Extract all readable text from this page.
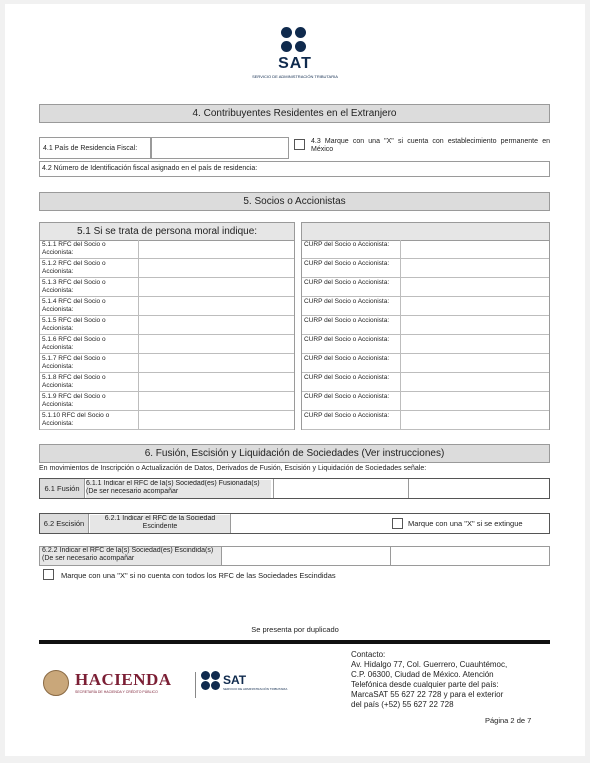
SAT
SERVICIO DE ADMINISTRACIÓN TRIBUTARIA
4. Contribuyentes Residentes en el Extranjero
4.1 País de Residencia Fiscal:
4.3 Marque con una "X" si cuenta con establecimiento permanente en México
4.2 Número de Identificación fiscal asignado en el país de residencia:
5. Socios o Accionistas
5.1 Si se trata de persona moral indique:
5.1.1 RFC del Socio o Accionista:
5.1.2 RFC del Socio o Accionista:
5.1.3 RFC del Socio o Accionista:
5.1.4 RFC del Socio o Accionista:
5.1.5 RFC del Socio o Accionista:
5.1.6 RFC del Socio o Accionista:
5.1.7 RFC del Socio o Accionista:
5.1.8 RFC del Socio o Accionista:
5.1.9 RFC del Socio o Accionista:
5.1.10 RFC del Socio o Accionista:
CURP del Socio o Accionista:
CURP del Socio o Accionista:
CURP del Socio o Accionista:
CURP del Socio o Accionista:
CURP del Socio o Accionista:
CURP del Socio o Accionista:
CURP del Socio o Accionista:
CURP del Socio o Accionista:
CURP del Socio o Accionista:
CURP del Socio o Accionista:
6. Fusión, Escisión y Liquidación de Sociedades (Ver instrucciones)
En movimientos de Inscripción o Actualización de Datos, Derivados de Fusión, Escisión y Liquidación de Sociedades señale:
6.1 Fusión
6.1.1 Indicar el RFC de la(s) Sociedad(es) Fusionada(s) (De ser necesario acompañar
6.2 Escisión
6.2.1 Indicar el RFC de la Sociedad Escindente	Marque con una "X" si se extingue
6.2.2 Indicar el RFC de la(s) Sociedad(es) Escindida(s) (De ser necesario acompañar
Marque con una "X" si no cuenta con todos los RFC de las Sociedades Escindidas
Se presenta por duplicado
HACIENDA
SECRETARÍA DE HACIENDA Y CRÉDITO PÚBLICO
SAT
SERVICIO DE ADMINISTRACIÓN TRIBUTARIA
Contacto:
Av. Hidalgo 77, Col. Guerrero, Cuauhtémoc,
C.P. 06300, Ciudad de México. Atención
Telefónica desde cualquier parte del país:
MarcaSAT 55 627 22 728 y para el exterior
del país (+52) 55 627 22 728
Página 2 de 7
